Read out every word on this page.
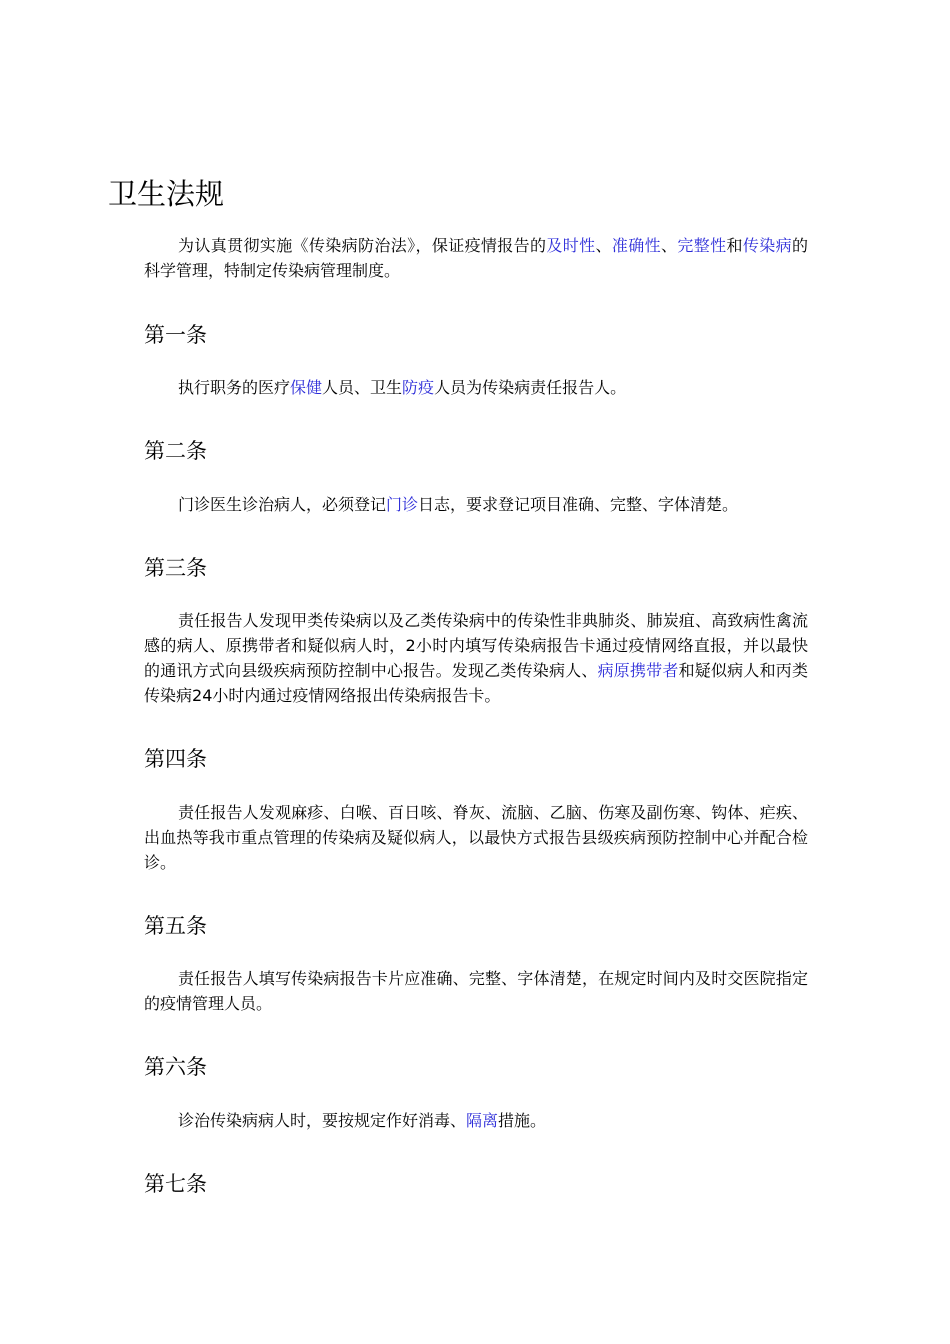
卫生法规

为认真贯彻实施《传染病防治法》，保证疫情报告的及时性、准确性、完整性和传染病的科学管理，特制定传染病管理制度。

第一条

执行职务的医疗保健人员、卫生防疫人员为传染病责任报告人。

第二条

门诊医生诊治病人，必须登记门诊日志，要求登记项目准确、完整、字体清楚。

第三条

责任报告人发现甲类传染病以及乙类传染病中的传染性非典肺炎、肺炭疽、高致病性禽流感的病人、原携带者和疑似病人时，2小时内填写传染病报告卡通过疫情网络直报，并以最快的通讯方式向县级疾病预防控制中心报告。发现乙类传染病人、病原携带者和疑似病人和丙类传染病24小时内通过疫情网络报出传染病报告卡。

第四条

责任报告人发观麻疹、白喉、百日咳、脊灰、流脑、乙脑、伤寒及副伤寒、钩体、疟疾、出血热等我市重点管理的传染病及疑似病人，以最快方式报告县级疾病预防控制中心并配合检诊。

第五条

责任报告人填写传染病报告卡片应准确、完整、字体清楚，在规定时间内及时交医院指定的疫情管理人员。

第六条

诊治传染病病人时，要按规定作好消毒、隔离措施。

第七条
